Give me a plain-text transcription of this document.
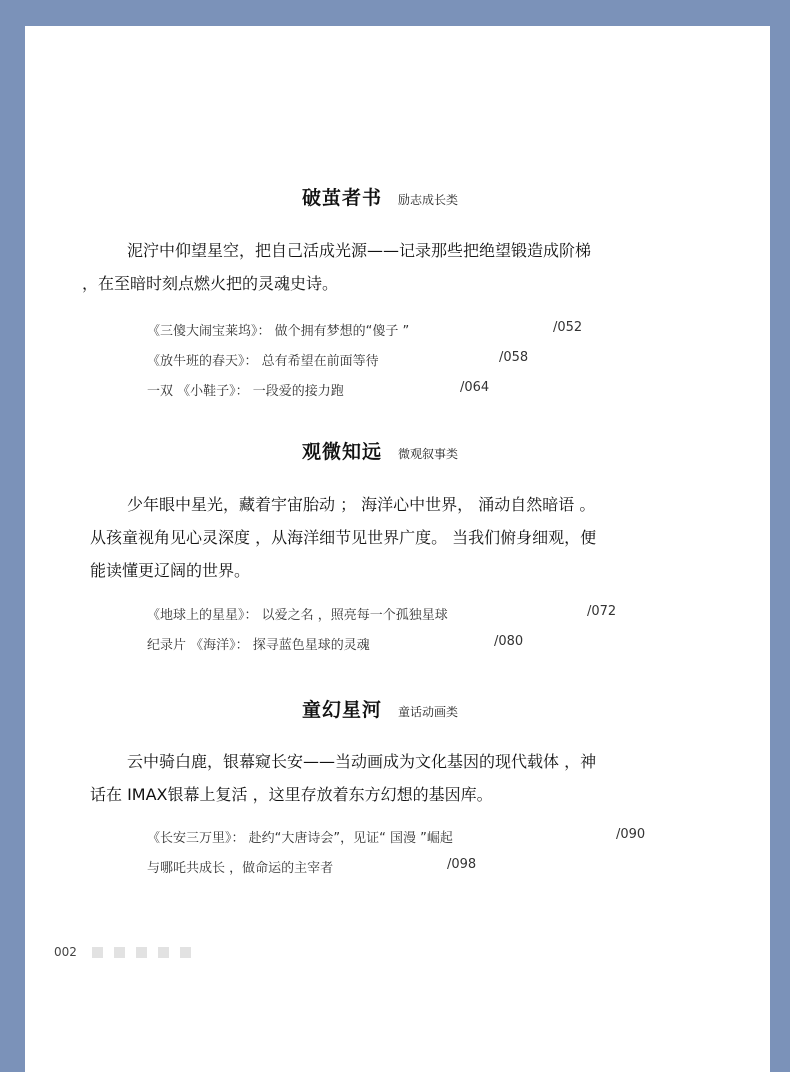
破茧者书 励志成长类
泥泞中仰望星空，把自己活成光源——记录那些把绝望锻造成阶梯
，在至暗时刻点燃火把的灵魂史诗。
《三傻大闹宝莱坞》： 做个拥有梦想的“傻子 ”	/052
《放牛班的春天》： 总有希望在前面等待	/058
一双 《小鞋子》： 一段爱的接力跑	/064
观微知远 微观叙事类
少年眼中星光，藏着宇宙胎动 ； 海洋心中世界， 涌动自然暗语 。
从孩童视角见心灵深度 ，从海洋细节见世界广度。 当我们俯身细观，便
能读懂更辽阔的世界。
《地球上的星星》： 以爱之名 ，照亮每一个孤独星球	/072
纪录片 《海洋》： 探寻蓝色星球的灵魂	/080
童幻星河 童话动画类
云中骑白鹿，银幕窥长安——当动画成为文化基因的现代载体 ，神
话在 IMAX银幕上复活 ，这里存放着东方幻想的基因库。
《长安三万里》： 赴约“大唐诗会”，见证“ 国漫 ”崛起	/090
与哪吒共成长 ，做命运的主宰者	/098
002
